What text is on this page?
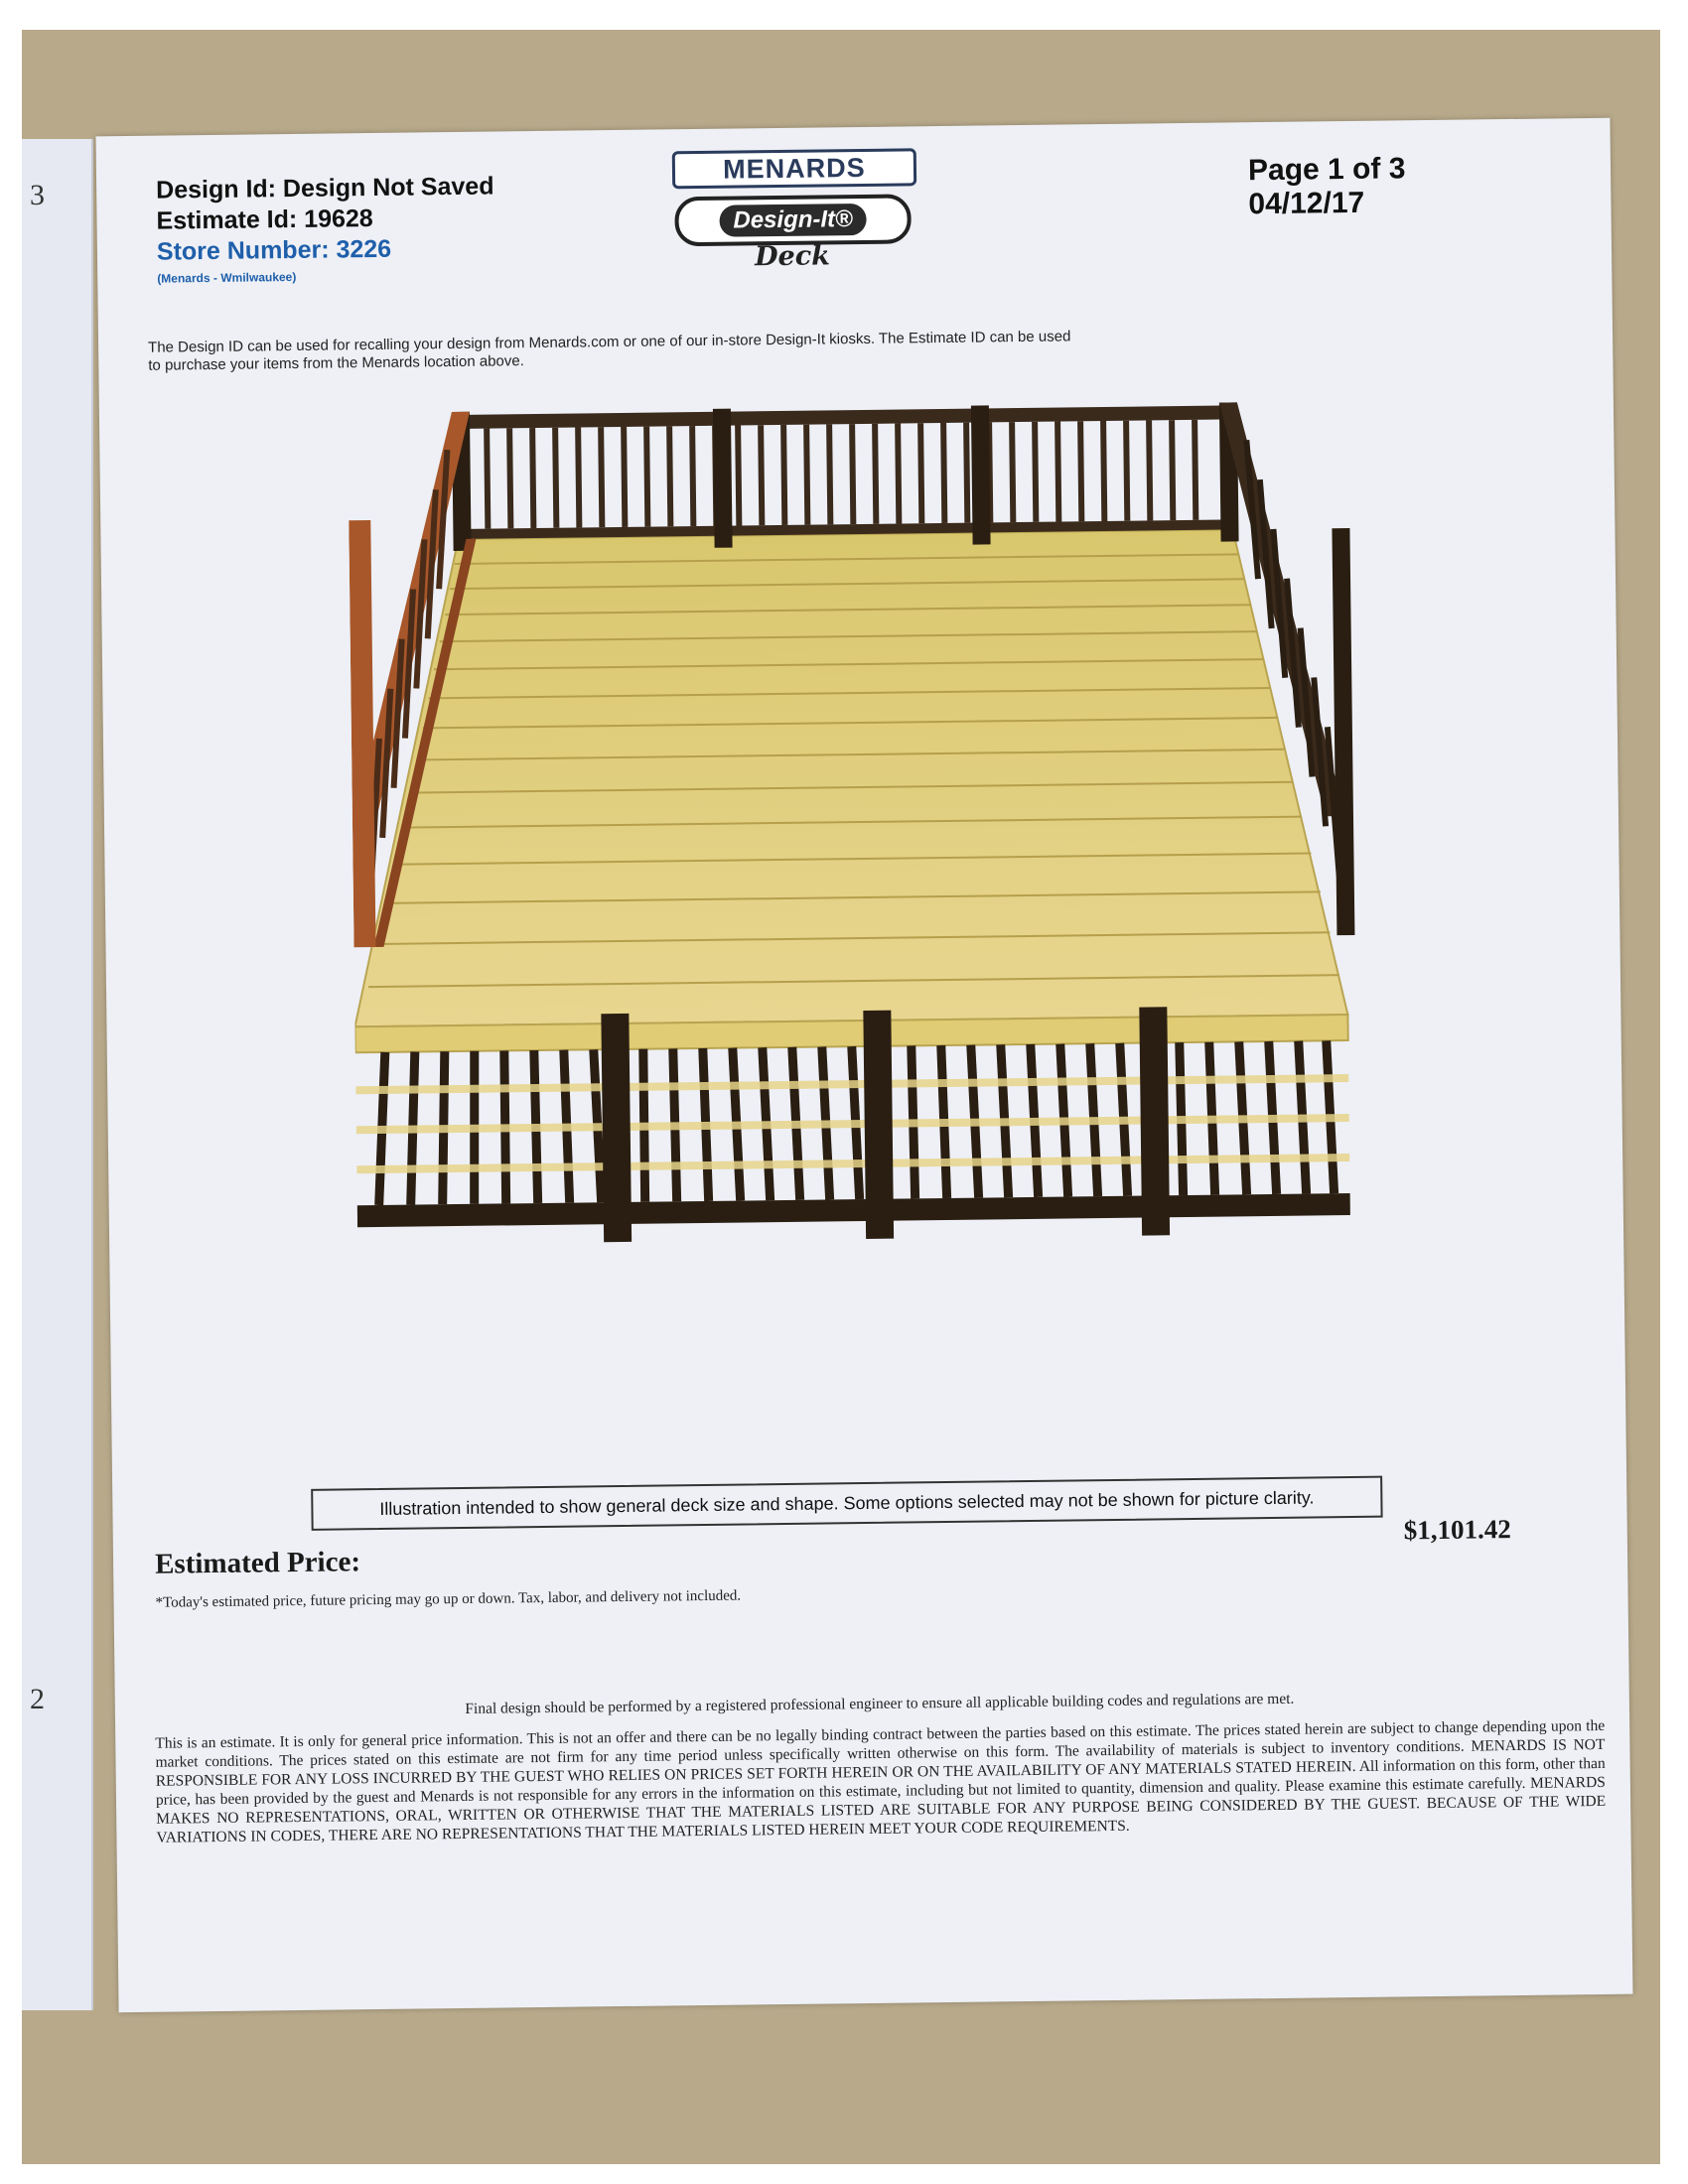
3
2
Design Id: Design Not Saved
Estimate Id: 19628
Store Number: 3226
(Menards - Wmilwaukee)
MENARDS
Design-It®
Deck
Page 1 of 3
04/12/17
The Design ID can be used for recalling your design from Menards.com or one of our in-store Design-It kiosks. The Estimate ID can be used to purchase your items from the Menards location above.
Illustration intended to show general deck size and shape. Some options selected may not be shown for picture clarity.
Estimated Price:
$1,101.42
*Today's estimated price, future pricing may go up or down. Tax, labor, and delivery not included.
Final design should be performed by a registered professional engineer to ensure all applicable building codes and regulations are met.
This is an estimate. It is only for general price information. This is not an offer and there can be no legally binding contract between the parties based on this estimate. The prices stated herein are subject to change depending upon the market conditions. The prices stated on this estimate are not firm for any time period unless specifically written otherwise on this form. The availability of materials is subject to inventory conditions. MENARDS IS NOT RESPONSIBLE FOR ANY LOSS INCURRED BY THE GUEST WHO RELIES ON PRICES SET FORTH HEREIN OR ON THE AVAILABILITY OF ANY MATERIALS STATED HEREIN. All information on this form, other than price, has been provided by the guest and Menards is not responsible for any errors in the information on this estimate, including but not limited to quantity, dimension and quality. Please examine this estimate carefully. MENARDS MAKES NO REPRESENTATIONS, ORAL, WRITTEN OR OTHERWISE THAT THE MATERIALS LISTED ARE SUITABLE FOR ANY PURPOSE BEING CONSIDERED BY THE GUEST. BECAUSE OF THE WIDE VARIATIONS IN CODES, THERE ARE NO REPRESENTATIONS THAT THE MATERIALS LISTED HEREIN MEET YOUR CODE REQUIREMENTS.
